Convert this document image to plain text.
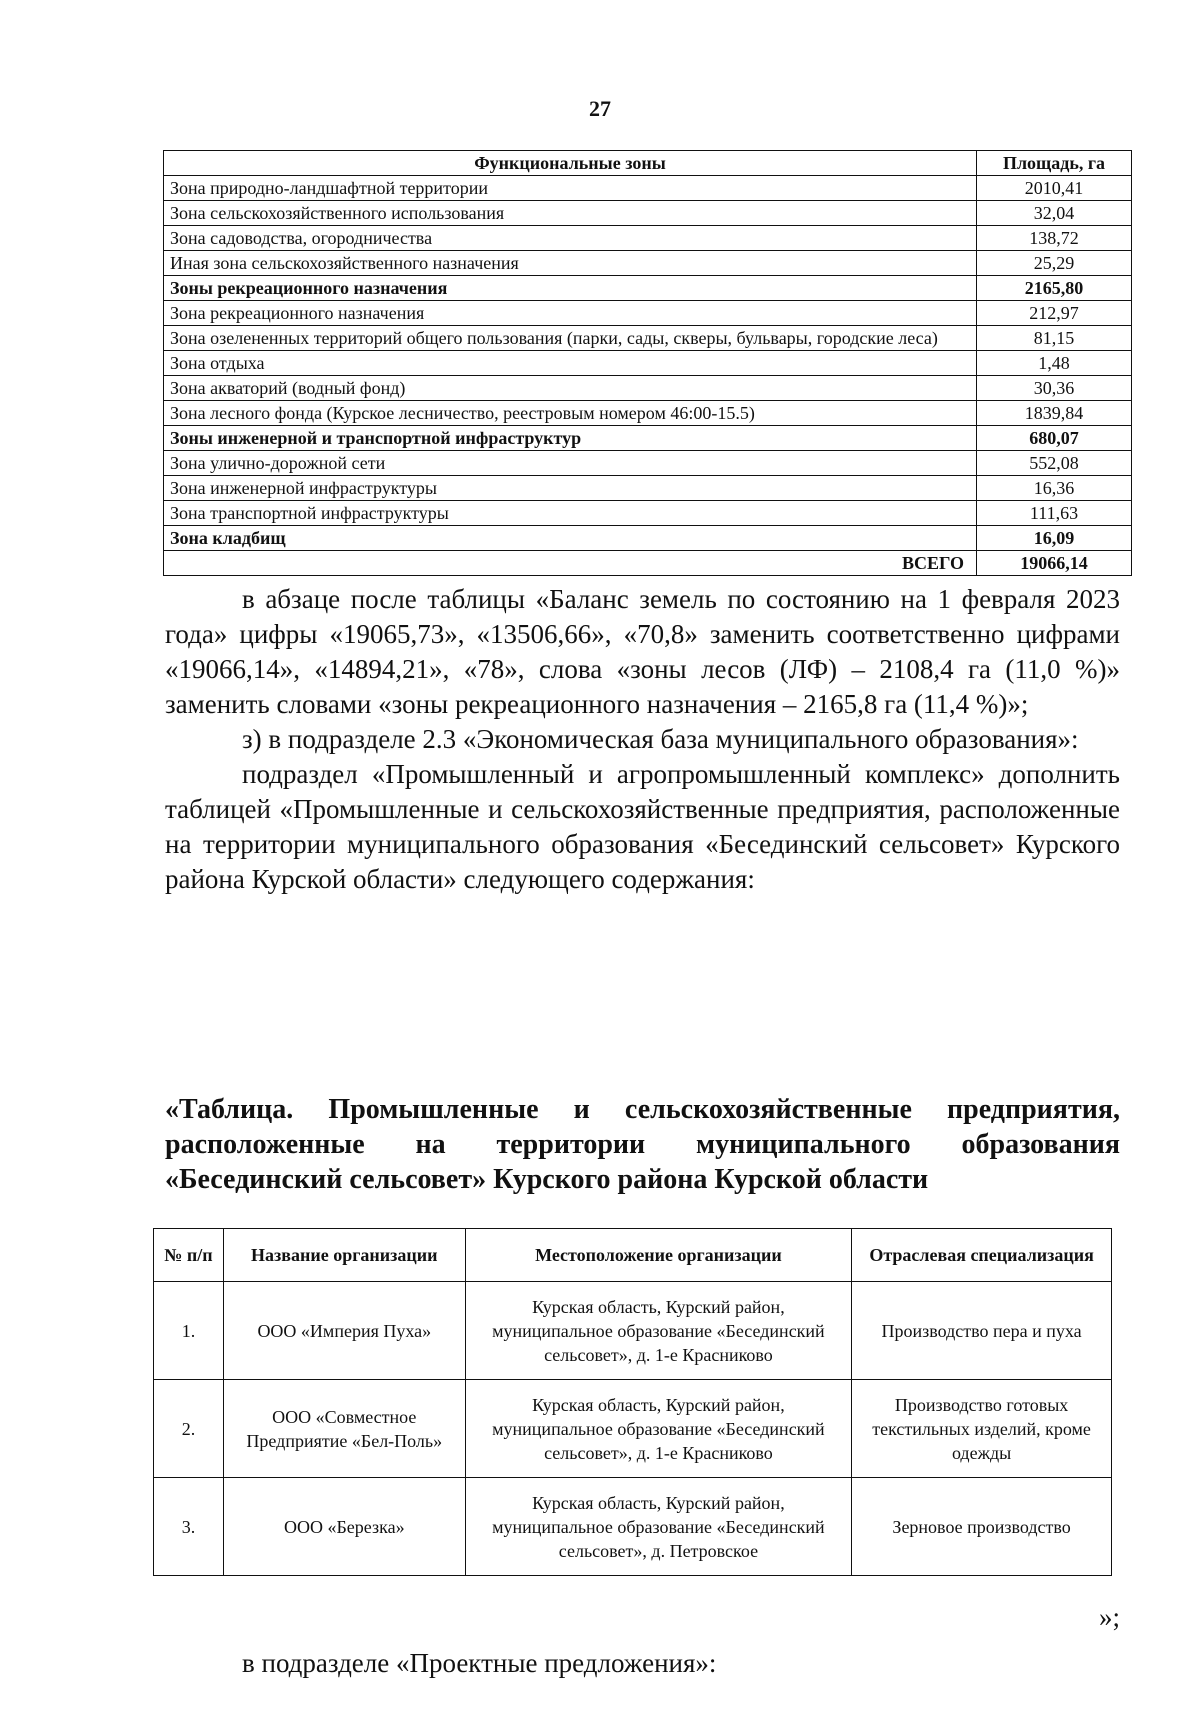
27
Функциональные зоны	Площадь, га
Зона природно-ландшафтной территории	2010,41
Зона сельскохозяйственного использования	32,04
Зона садоводства, огородничества	138,72
Иная зона сельскохозяйственного назначения	25,29
Зоны рекреационного назначения	2165,80
Зона рекреационного назначения	212,97
Зона озелененных территорий общего пользования (парки, сады, скверы, бульвары, городские леса)	81,15
Зона отдыха	1,48
Зона акваторий (водный фонд)	30,36
Зона лесного фонда (Курское лесничество, реестровым номером 46:00-15.5)	1839,84
Зоны инженерной и транспортной инфраструктур	680,07
Зона улично-дорожной сети	552,08
Зона инженерной инфраструктуры	16,36
Зона транспортной инфраструктуры	111,63
Зона кладбищ	16,09
ВСЕГО	19066,14

в абзаце после таблицы «Баланс земель по состоянию на 1 февраля 2023 года» цифры «19065,73», «13506,66», «70,8» заменить соответственно цифрами «19066,14», «14894,21», «78», слова «зоны лесов (ЛФ) – 2108,4 га (11,0 %)» заменить словами «зоны рекреационного назначения – 2165,8 га (11,4 %)»;

з) в подразделе 2.3 «Экономическая база муниципального образования»:

подраздел «Промышленный и агропромышленный комплекс» дополнить таблицей «Промышленные и сельскохозяйственные предприятия, расположенные на территории муниципального образования «Бесединский сельсовет» Курского района Курской области» следующего содержания:

«Таблица. Промышленные и сельскохозяйственные предприятия, расположенные на территории муниципального образования «Бесединский сельсовет» Курского района Курской области

№ п/п	Название организации	Местоположение организации	Отраслевая специализация
1.	ООО «Империя Пуха»	Курская область, Курский район, муниципальное образование «Бесединский сельсовет», д. 1-е Красниково	Производство пера и пуха
2.	ООО «Совместное Предприятие «Бел-Поль»	Курская область, Курский район, муниципальное образование «Бесединский сельсовет», д. 1-е Красниково	Производство готовых текстильных изделий, кроме одежды
3.	ООО «Березка»	Курская область, Курский район, муниципальное образование «Бесединский сельсовет», д. Петровское	Зерновое производство
»;

в подразделе «Проектные предложения»:
